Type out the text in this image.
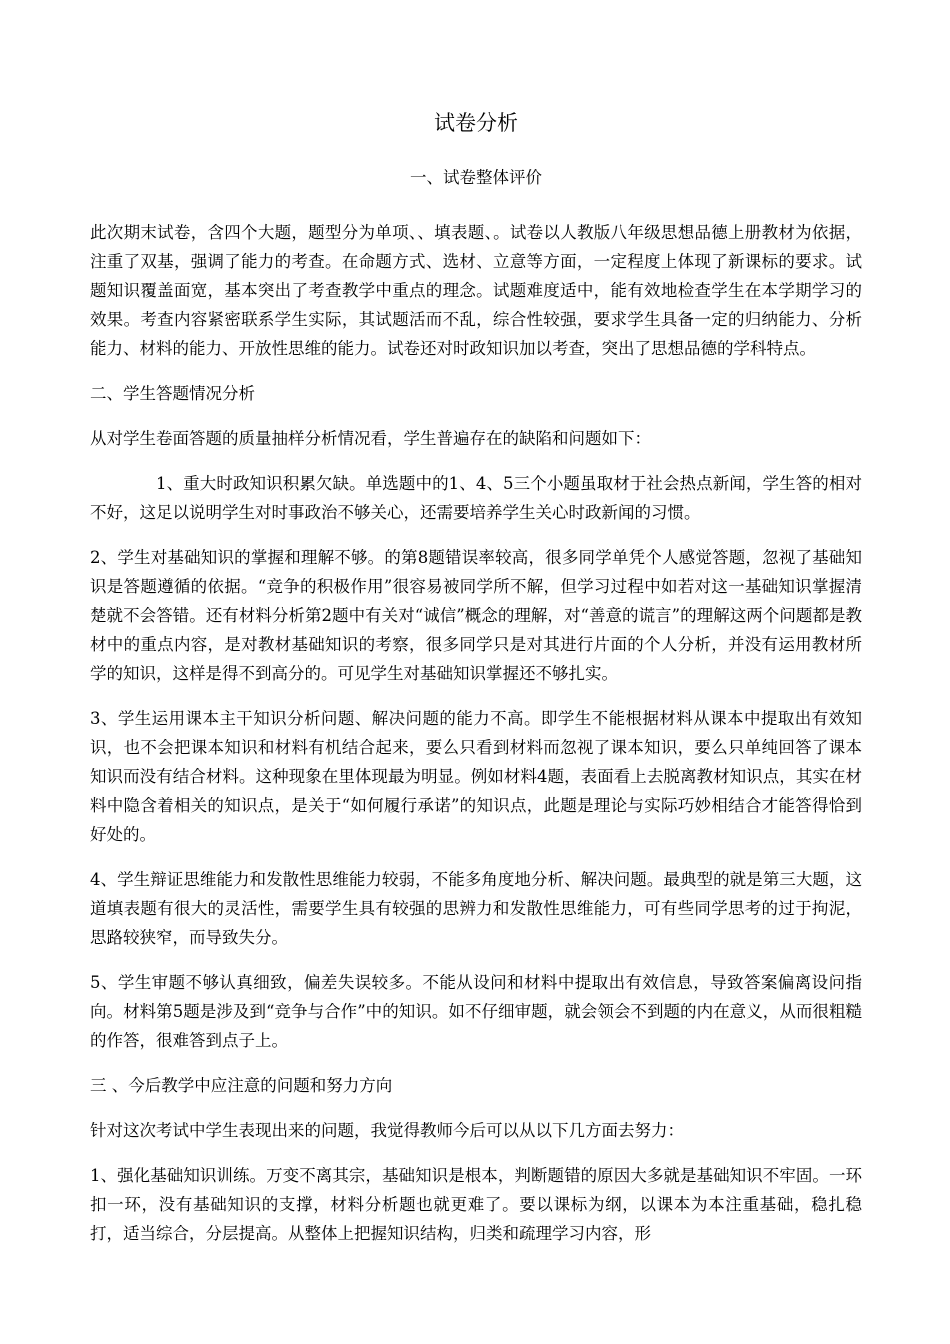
试卷分析
一、试卷整体评价

此次期末试卷，含四个大题，题型分为单项、、填表题、。试卷以人教版八年级思想品德上册教材为依据，注重了双基，强调了能力的考查。在命题方式、选材、立意等方面，一定程度上体现了新课标的要求。试题知识覆盖面宽，基本突出了考查教学中重点的理念。试题难度适中，能有效地检查学生在本学期学习的效果。考查内容紧密联系学生实际，其试题活而不乱，综合性较强，要求学生具备一定的归纳能力、分析能力、材料的能力、开放性思维的能力。试卷还对时政知识加以考查，突出了思想品德的学科特点。

二、学生答题情况分析

从对学生卷面答题的质量抽样分析情况看，学生普遍存在的缺陷和问题如下：

1、重大时政知识积累欠缺。单选题中的1、4、5三个小题虽取材于社会热点新闻，学生答的相对不好，这足以说明学生对时事政治不够关心，还需要培养学生关心时政新闻的习惯。

2、学生对基础知识的掌握和理解不够。的第8题错误率较高，很多同学单凭个人感觉答题，忽视了基础知识是答题遵循的依据。“竞争的积极作用”很容易被同学所不解，但学习过程中如若对这一基础知识掌握清楚就不会答错。还有材料分析第2题中有关对“诚信”概念的理解，对“善意的谎言”的理解这两个问题都是教材中的重点内容，是对教材基础知识的考察，很多同学只是对其进行片面的个人分析，并没有运用教材所学的知识，这样是得不到高分的。可见学生对基础知识掌握还不够扎实。

3、学生运用课本主干知识分析问题、解决问题的能力不高。即学生不能根据材料从课本中提取出有效知识，也不会把课本知识和材料有机结合起来，要么只看到材料而忽视了课本知识，要么只单纯回答了课本知识而没有结合材料。这种现象在里体现最为明显。例如材料4题，表面看上去脱离教材知识点，其实在材料中隐含着相关的知识点，是关于“如何履行承诺”的知识点，此题是理论与实际巧妙相结合才能答得恰到好处的。

4、学生辩证思维能力和发散性思维能力较弱，不能多角度地分析、解决问题。最典型的就是第三大题，这道填表题有很大的灵活性，需要学生具有较强的思辨力和发散性思维能力，可有些同学思考的过于拘泥，思路较狭窄，而导致失分。

5、学生审题不够认真细致，偏差失误较多。不能从设问和材料中提取出有效信息，导致答案偏离设问指向。材料第5题是涉及到“竞争与合作”中的知识。如不仔细审题，就会领会不到题的内在意义，从而很粗糙的作答，很难答到点子上。

三 、今后教学中应注意的问题和努力方向

针对这次考试中学生表现出来的问题，我觉得教师今后可以从以下几方面去努力：

1、强化基础知识训练。万变不离其宗，基础知识是根本，判断题错的原因大多就是基础知识不牢固。一环扣一环，没有基础知识的支撑，材料分析题也就更难了。要以课标为纲，以课本为本注重基础，稳扎稳打，适当综合，分层提高。从整体上把握知识结构，归类和疏理学习内容，形
